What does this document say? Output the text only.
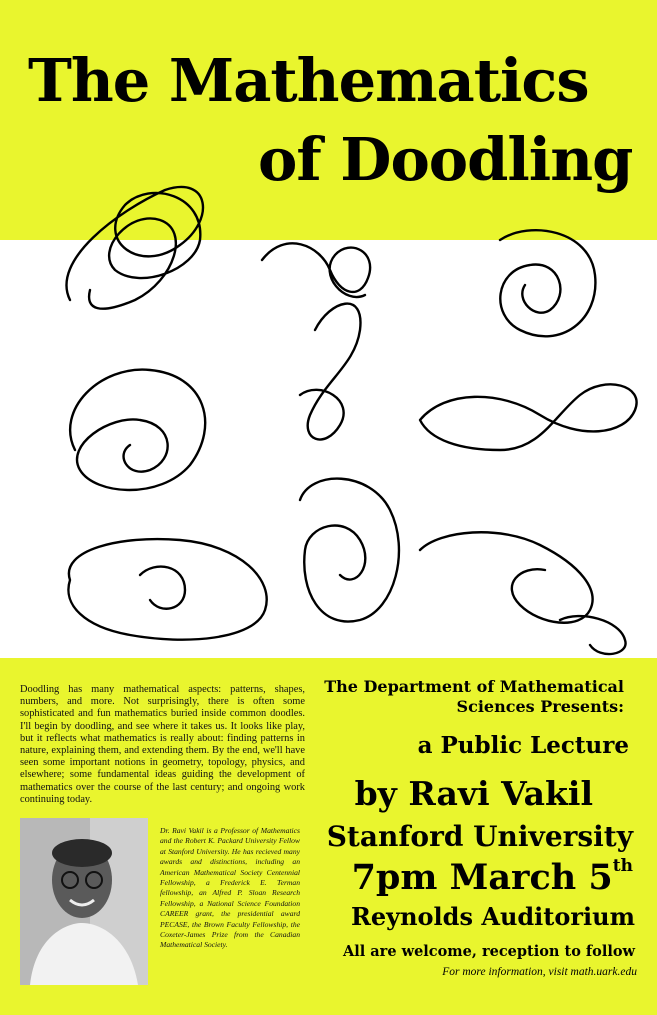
The Mathematics
of Doodling
Doodling has many mathematical aspects: patterns, shapes, numbers, and more. Not surprisingly, there is often some sophisticated and fun mathematics buried inside common doodles. I'll begin by doodling, and see where it takes us. It looks like play, but it reflects what mathematics is really about: finding patterns in nature, explaining them, and extending them. By the end, we'll have seen some important notions in geometry, topology, physics, and elsewhere; some fundamental ideas guiding the development of mathematics over the course of the last century; and ongoing work continuing today.
Dr. Ravi Vakil is a Professor of Mathematics and the Robert K. Packard University Fellow at Stanford University. He has recieved many awards and distinctions, including an American Mathematical Society Centennial Fellowship, a Frederick E. Terman fellowship, an Alfred P. Sloan Research Fellowship, a National Science Foundation CAREER grant, the presidential award PECASE, the Brown Faculty Fellowship, the Coxeter-James Prize from the Canadian Mathematical Society.
The Department of Mathematical
Sciences Presents:
a Public Lecture
by Ravi Vakil
Stanford University
7pm March 5th
Reynolds Auditorium
All are welcome, reception to follow
For more information, visit math.uark.edu
